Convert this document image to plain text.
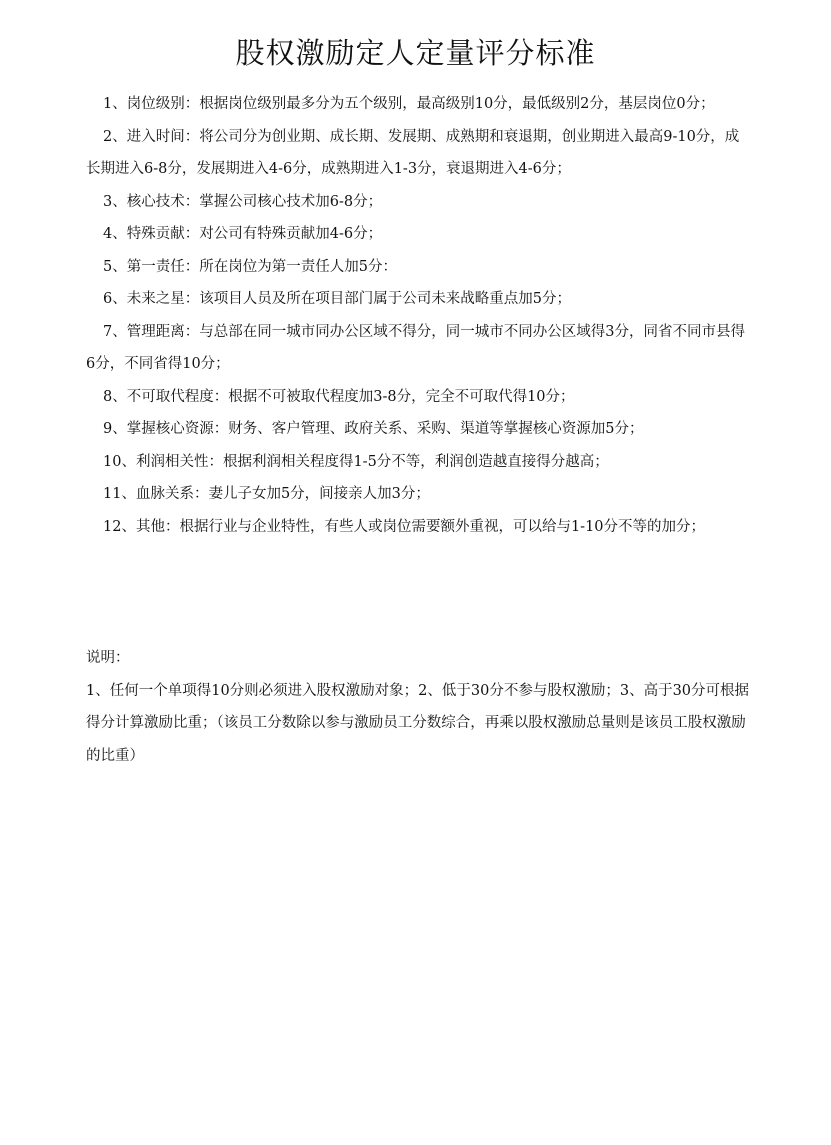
股权激励定人定量评分标准
1、岗位级别：根据岗位级别最多分为五个级别，最高级别10分，最低级别2分，基层岗位0分；
2、进入时间：将公司分为创业期、成长期、发展期、成熟期和衰退期，创业期进入最高9-10分，成长期进入6-8分，发展期进入4-6分，成熟期进入1-3分，衰退期进入4-6分；
3、核心技术：掌握公司核心技术加6-8分；
4、特殊贡献：对公司有特殊贡献加4-6分；
5、第一责任：所在岗位为第一责任人加5分：
6、未来之星：该项目人员及所在项目部门属于公司未来战略重点加5分；
7、管理距离：与总部在同一城市同办公区域不得分，同一城市不同办公区域得3分，同省不同市县得6分，不同省得10分；
8、不可取代程度：根据不可被取代程度加3-8分，完全不可取代得10分；
9、掌握核心资源：财务、客户管理、政府关系、采购、渠道等掌握核心资源加5分；
10、利润相关性：根据利润相关程度得1-5分不等，利润创造越直接得分越高；
11、血脉关系：妻儿子女加5分，间接亲人加3分；
12、其他：根据行业与企业特性，有些人或岗位需要额外重视，可以给与1-10分不等的加分；

说明：

1、任何一个单项得10分则必须进入股权激励对象；2、低于30分不参与股权激励；3、高于30分可根据得分计算激励比重；（该员工分数除以参与激励员工分数综合，再乘以股权激励总量则是该员工股权激励的比重）
